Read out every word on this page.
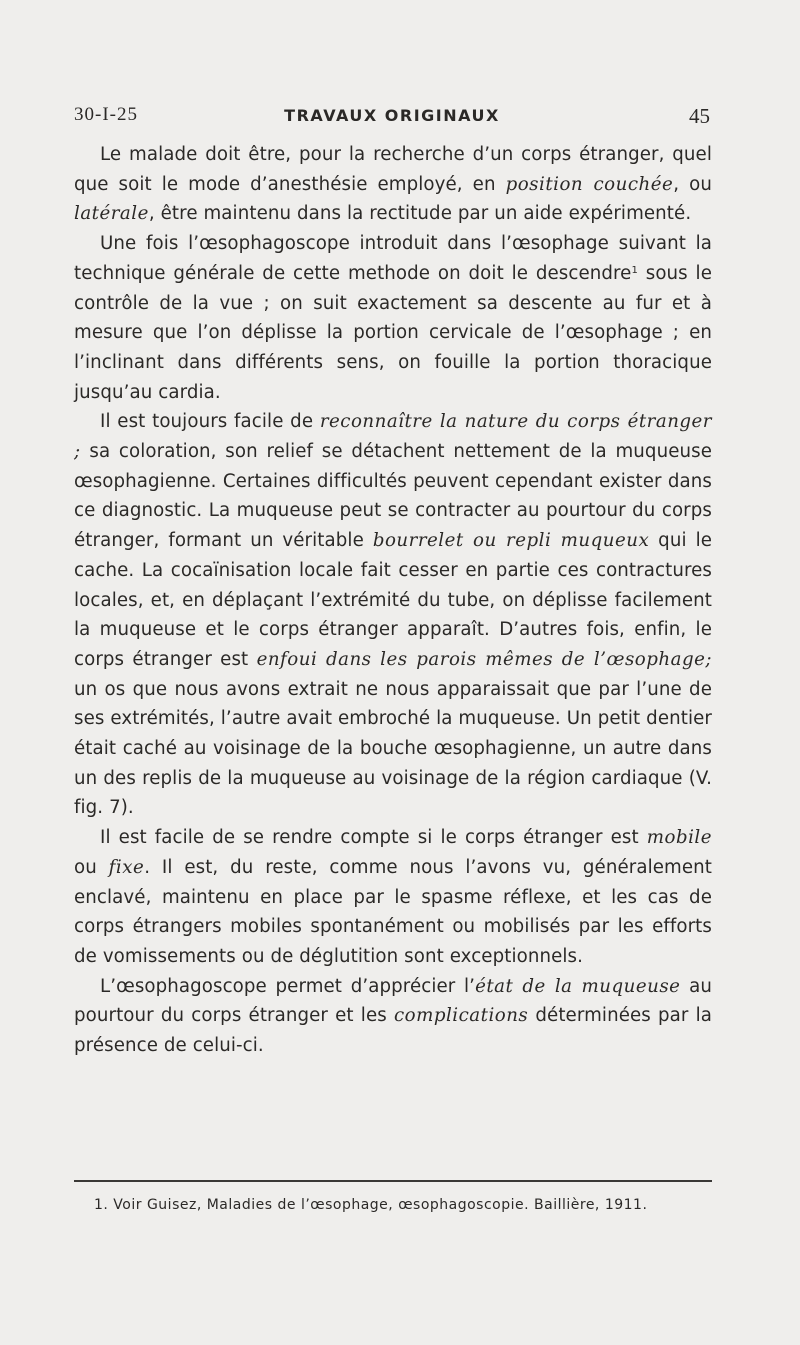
30-I-25	TRAVAUX ORIGINAUX	45

Le malade doit être, pour la recherche d’un corps étranger, quel que soit le mode d’anesthésie employé, en position couchée, ou latérale, être maintenu dans la rectitude par un aide expérimenté.

Une fois l’œsophagoscope introduit dans l’œsophage suivant la technique générale de cette methode on doit le descendre$^1$ sous le contrôle de la vue ; on suit exactement sa descente au fur et à mesure que l’on déplisse la portion cervicale de l’œsophage ; en l’inclinant dans différents sens, on fouille la portion thoracique jusqu’au cardia.

Il est toujours facile de reconnaître la nature du corps étranger ; sa coloration, son relief se détachent nettement de la muqueuse œsophagienne. Certaines difficultés peuvent cependant exister dans ce diagnostic. La muqueuse peut se contracter au pourtour du corps étranger, formant un véritable bourrelet ou repli muqueux qui le cache. La cocaïnisation locale fait cesser en partie ces contractures locales, et, en déplaçant l’extrémité du tube, on déplisse facilement la muqueuse et le corps étranger apparaît. D’autres fois, enfin, le corps étranger est enfoui dans les parois mêmes de l’œsophage; un os que nous avons extrait ne nous apparaissait que par l’une de ses extrémités, l’autre avait embroché la muqueuse. Un petit dentier était caché au voisinage de la bouche œsophagienne, un autre dans un des replis de la muqueuse au voisinage de la région cardiaque (V. fig. 7).

Il est facile de se rendre compte si le corps étranger est mobile ou fixe. Il est, du reste, comme nous l’avons vu, généralement enclavé, maintenu en place par le spasme réflexe, et les cas de corps étrangers mobiles spontanément ou mobilisés par les efforts de vomissements ou de déglutition sont exceptionnels.

L’œsophagoscope permet d’apprécier l’état de la muqueuse au pourtour du corps étranger et les complications déterminées par la présence de celui-ci.

1. Voir Guisez, Maladies de l’œsophage, œsophagoscopie. Baillière, 1911.
